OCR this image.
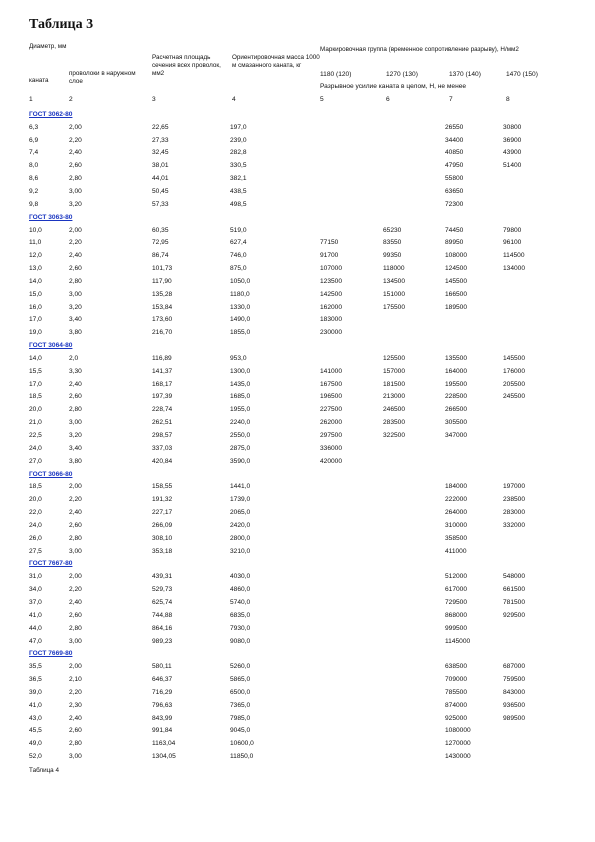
Таблица 3
Диаметр, мм
каната
проволоки в наружном слое
Расчетная площадь сечения всех проволок, мм2
Ориентировочная масса 1000 м смазанного каната, кг
Маркировочная группа (временное сопротивление разрыву), Н/мм2
1180 (120)	1270 (130)	1370 (140)	1470 (150)
Разрывное усилие каната в целом, Н, не менее
1	2	3	4	5	6	7	8
ГОСТ 3062-80							
6,3	2,00	22,65	197,0			26550	30800
6,9	2,20	27,33	239,0			34400	36900
7,4	2,40	32,45	282,8			40850	43900
8,0	2,60	38,01	330,5			47950	51400
8,6	2,80	44,01	382,1			55800	
9,2	3,00	50,45	438,5			63650	
9,8	3,20	57,33	498,5			72300	
ГОСТ 3063-80							
10,0	2,00	60,35	519,0		65230	74450	79800
11,0	2,20	72,95	627,4	77150	83550	89950	96100
12,0	2,40	86,74	746,0	91700	99350	108000	114500
13,0	2,60	101,73	875,0	107000	118000	124500	134000
14,0	2,80	117,90	1050,0	123500	134500	145500	
15,0	3,00	135,28	1180,0	142500	151000	166500	
16,0	3,20	153,84	1330,0	162000	175500	189500	
17,0	3,40	173,60	1490,0	183000			
19,0	3,80	216,70	1855,0	230000			
ГОСТ 3064-80							
14,0	2,0	116,89	953,0		125500	135500	145500
15,5	3,30	141,37	1300,0	141000	157000	164000	176000
17,0	2,40	168,17	1435,0	167500	181500	195500	205500
18,5	2,60	197,39	1685,0	196500	213000	228500	245500
20,0	2,80	228,74	1955,0	227500	246500	266500	
21,0	3,00	262,51	2240,0	262000	283500	305500	
22,5	3,20	298,57	2550,0	297500	322500	347000	
24,0	3,40	337,03	2875,0	336000			
27,0	3,80	420,84	3590,0	420000			
ГОСТ 3066-80							
18,5	2,00	158,55	1441,0			184000	197000
20,0	2,20	191,32	1739,0			222000	238500
22,0	2,40	227,17	2065,0			264000	283000
24,0	2,60	266,09	2420,0			310000	332000
26,0	2,80	308,10	2800,0			358500	
27,5	3,00	353,18	3210,0			411000	
ГОСТ 7667-80							
31,0	2,00	439,31	4030,0			512000	548000
34,0	2,20	529,73	4860,0			617000	661500
37,0	2,40	625,74	5740,0			729500	781500
41,0	2,60	744,88	6835,0			868000	929500
44,0	2,80	864,16	7930,0			999500	
47,0	3,00	989,23	9080,0			1145000	
ГОСТ 7669-80							
35,5	2,00	580,11	5260,0			638500	687000
36,5	2,10	646,37	5865,0			709000	759500
39,0	2,20	716,29	6500,0			785500	843000
41,0	2,30	796,63	7365,0			874000	936500
43,0	2,40	843,99	7985,0			925000	989500
45,5	2,60	991,84	9045,0			1080000	
49,0	2,80	1163,04	10600,0			1270000	
52,0	3,00	1304,05	11850,0			1430000	
Таблица 4
